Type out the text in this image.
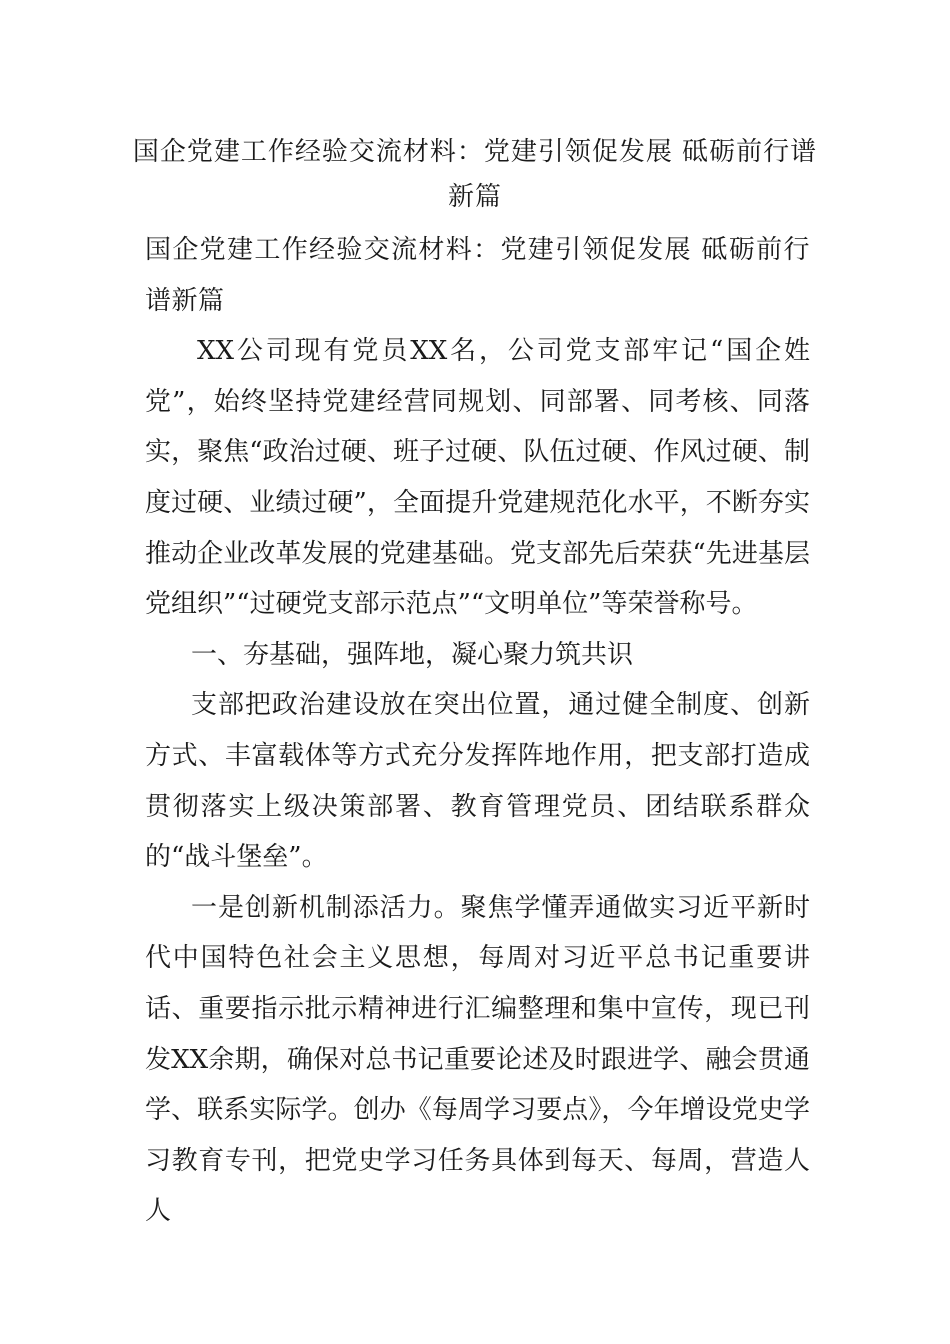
国企党建工作经验交流材料：党建引领促发展 砥砺前行谱新篇

国企党建工作经验交流材料：党建引领促发展 砥砺前行谱新篇

XX公司现有党员XX名，公司党支部牢记“国企姓党”，始终坚持党建经营同规划、同部署、同考核、同落实，聚焦“政治过硬、班子过硬、队伍过硬、作风过硬、制度过硬、业绩过硬”，全面提升党建规范化水平，不断夯实推动企业改革发展的党建基础。党支部先后荣获“先进基层党组织”“过硬党支部示范点”“文明单位”等荣誉称号。

一、夯基础，强阵地，凝心聚力筑共识

支部把政治建设放在突出位置，通过健全制度、创新方式、丰富载体等方式充分发挥阵地作用，把支部打造成贯彻落实上级决策部署、教育管理党员、团结联系群众的“战斗堡垒”。

一是创新机制添活力。聚焦学懂弄通做实习近平新时代中国特色社会主义思想，每周对习近平总书记重要讲话、重要指示批示精神进行汇编整理和集中宣传，现已刊发XX余期，确保对总书记重要论述及时跟进学、融会贯通学、联系实际学。创办《每周学习要点》，今年增设党史学习教育专刊，把党史学习任务具体到每天、每周，营造人人
